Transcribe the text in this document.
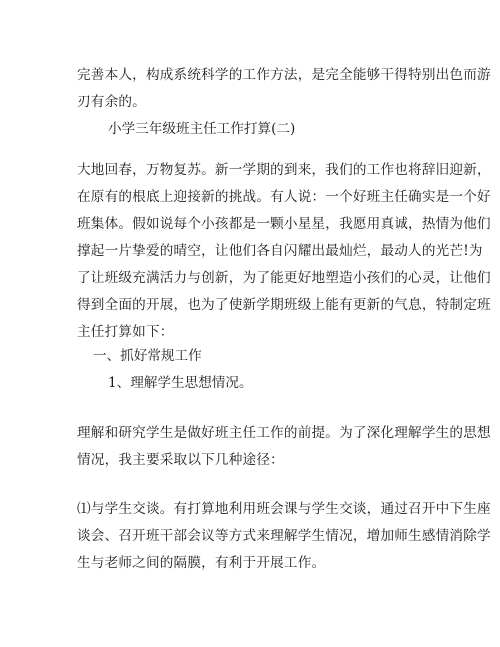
完善本人，构成系统科学的工作方法，是完全能够干得特别出色而游
刃有余的。
小学三年级班主任工作打算(二)
大地回春，万物复苏。新一学期的到来，我们的工作也将辞旧迎新，
在原有的根底上迎接新的挑战。有人说：一个好班主任确实是一个好
班集体。假如说每个小孩都是一颗小星星，我愿用真诚，热情为他们
撑起一片挚爱的晴空，让他们各自闪耀出最灿烂，最动人的光芒!为
了让班级充满活力与创新，为了能更好地塑造小孩们的心灵，让他们
得到全面的开展，也为了使新学期班级上能有更新的气息，特制定班
主任打算如下：
一、抓好常规工作
1、理解学生思想情况。
理解和研究学生是做好班主任工作的前提。为了深化理解学生的思想
情况，我主要采取以下几种途径：
⑴与学生交谈。有打算地利用班会课与学生交谈，通过召开中下生座
谈会、召开班干部会议等方式来理解学生情况，增加师生感情消除学
生与老师之间的隔膜，有利于开展工作。
